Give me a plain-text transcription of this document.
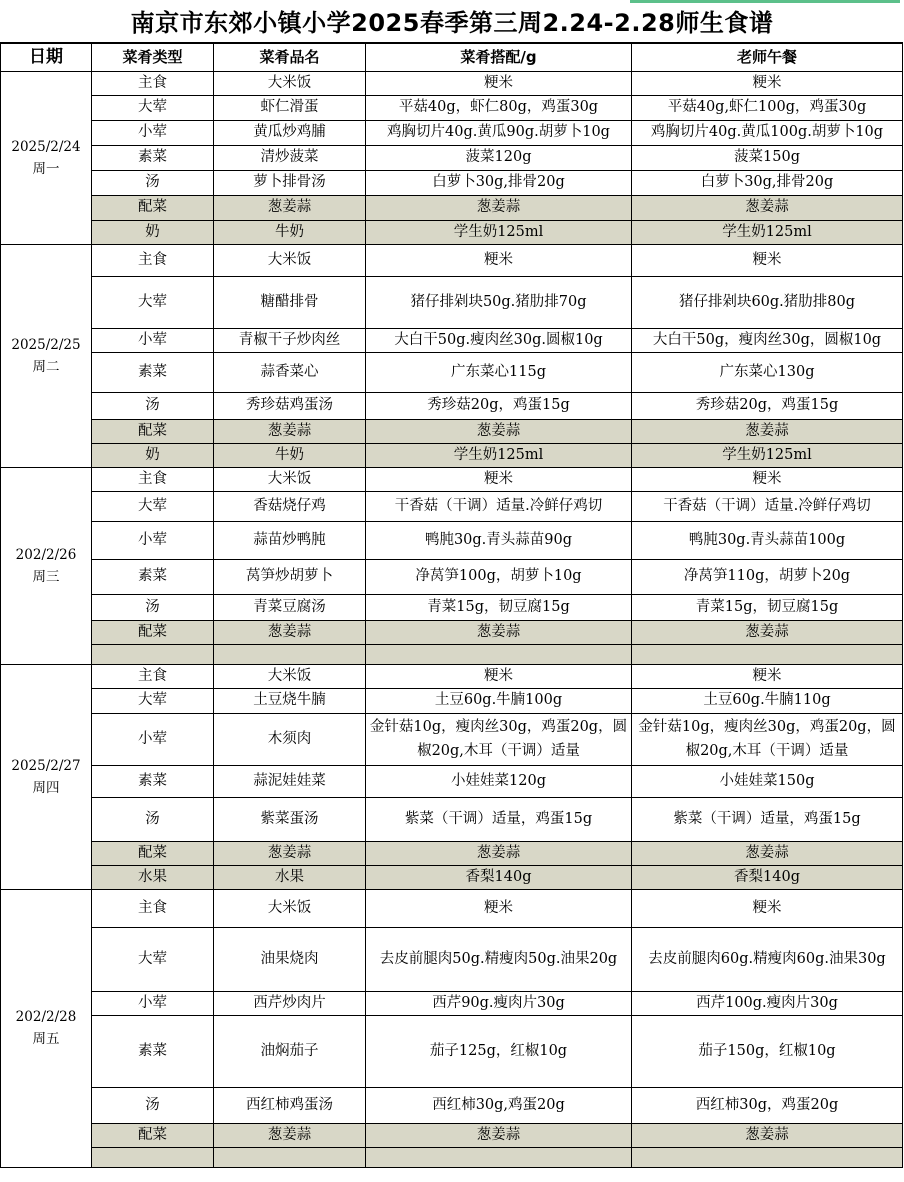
南京市东郊小镇小学2025春季第三周2.24-2.28师生食谱
日期	菜肴类型	菜肴品名	菜肴搭配/g	老师午餐

2025/2/24
周一	主食	大米饭	粳米	粳米
	大荤	虾仁滑蛋	平菇40g，虾仁80g，鸡蛋30g	平菇40g,虾仁100g，鸡蛋30g
	小荤	黄瓜炒鸡脯	鸡胸切片40g.黄瓜90g.胡萝卜10g	鸡胸切片40g.黄瓜100g.胡萝卜10g
	素菜	清炒菠菜	菠菜120g	菠菜150g
	汤	萝卜排骨汤	白萝卜30g,排骨20g	白萝卜30g,排骨20g
	配菜	葱姜蒜	葱姜蒜	葱姜蒜
	奶	牛奶	学生奶125ml	学生奶125ml

2025/2/25
周二	主食	大米饭	粳米	粳米
	大荤	糖醋排骨	猪仔排剁块50g.猪肋排70g	猪仔排剁块60g.猪肋排80g
	小荤	青椒干子炒肉丝	大白干50g.瘦肉丝30g.圆椒10g	大白干50g，瘦肉丝30g，圆椒10g
	素菜	蒜香菜心	广东菜心115g	广东菜心130g
	汤	秀珍菇鸡蛋汤	秀珍菇20g，鸡蛋15g	秀珍菇20g，鸡蛋15g
	配菜	葱姜蒜	葱姜蒜	葱姜蒜
	奶	牛奶	学生奶125ml	学生奶125ml

202/2/26
周三	主食	大米饭	粳米	粳米
	大荤	香菇烧仔鸡	干香菇（干调）适量.冷鲜仔鸡切	干香菇（干调）适量.冷鲜仔鸡切

	小荤	蒜苗炒鸭肫	鸭肫30g.青头蒜苗90g	鸭肫30g.青头蒜苗100g
	素菜	莴笋炒胡萝卜	净莴笋100g，胡萝卜10g	净莴笋110g，胡萝卜20g
	汤	青菜豆腐汤	青菜15g，韧豆腐15g	青菜15g，韧豆腐15g
	配菜	葱姜蒜	葱姜蒜	葱姜蒜

2025/2/27
周四	主食	大米饭	粳米	粳米
	大荤	土豆烧牛腩	土豆60g.牛腩100g	土豆60g.牛腩110g
	小荤	木须肉	金针菇10g，瘦肉丝30g，鸡蛋20g，圆椒20g,木耳（干调）适量	金针菇10g，瘦肉丝30g，鸡蛋20g，圆椒20g,木耳（干调）适量
	素菜	蒜泥娃娃菜	小娃娃菜120g	小娃娃菜150g
	汤	紫菜蛋汤	紫菜（干调）适量，鸡蛋15g	紫菜（干调）适量，鸡蛋15g
	配菜	葱姜蒜	葱姜蒜	葱姜蒜
	水果	水果	香梨140g	香梨140g

202/2/28
周五	主食	大米饭	粳米	粳米
	大荤	油果烧肉	去皮前腿肉50g.精瘦肉50g.油果20g	去皮前腿肉60g.精瘦肉60g.油果30g
	小荤	西芹炒肉片	西芹90g.瘦肉片30g	西芹100g.瘦肉片30g
	素菜	油焖茄子	茄子125g，红椒10g	茄子150g，红椒10g
	汤	西红柿鸡蛋汤	西红柿30g,鸡蛋20g	西红柿30g，鸡蛋20g
	配菜	葱姜蒜	葱姜蒜	葱姜蒜
